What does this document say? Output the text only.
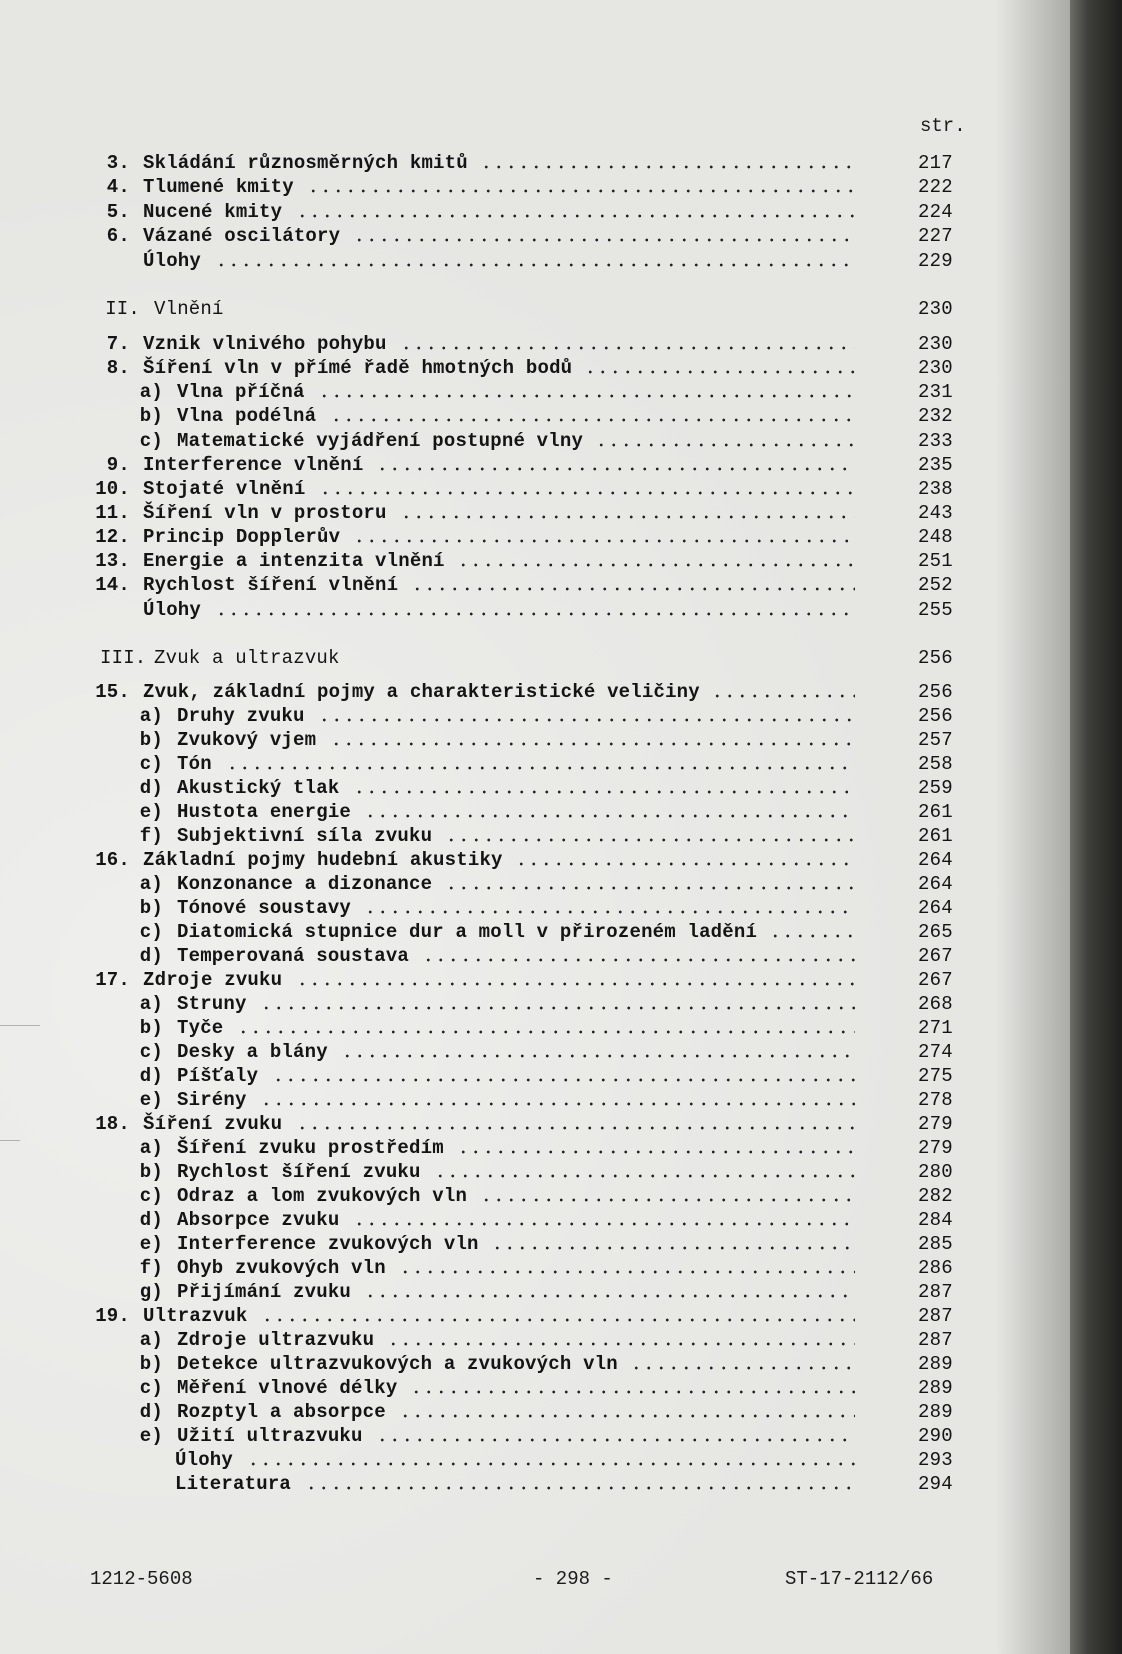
str.
3. Skládání různosměrných kmitů	217
4. Tlumené kmity	222
5. Nucené kmity	224
6. Vázané oscilátory	227
Úlohy	229
II. Vlnění	230
7. Vznik vlnivého pohybu	230
8. Šíření vln v přímé řadě hmotných bodů	230
a) Vlna příčná	231
b) Vlna podélná	232
c) Matematické vyjádření postupné vlny	233
9. Interference vlnění	235
10. Stojaté vlnění	238
11. Šíření vln v prostoru	243
12. Princip Dopplerův	248
13. Energie a intenzita vlnění	251
14. Rychlost šíření vlnění	252
Úlohy	255
III. Zvuk a ultrazvuk	256
15. Zvuk, základní pojmy a charakteristické veličiny	256
a) Druhy zvuku	256
b) Zvukový vjem	257
c) Tón	258
d) Akustický tlak	259
e) Hustota energie	261
f) Subjektivní síla zvuku	261
16. Základní pojmy hudební akustiky	264
a) Konzonance a dizonance	264
b) Tónové soustavy	264
c) Diatomická stupnice dur a moll v přirozeném ladění	265
d) Temperovaná soustava	267
17. Zdroje zvuku	267
a) Struny	268
b) Tyče	271
c) Desky a blány	274
d) Píšťaly	275
e) Sirény	278
18. Šíření zvuku	279
a) Šíření zvuku prostředím	279
b) Rychlost šíření zvuku	280
c) Odraz a lom zvukových vln	282
d) Absorpce zvuku	284
e) Interference zvukových vln	285
f) Ohyb zvukových vln	286
g) Přijímání zvuku	287
19. Ultrazvuk	287
a) Zdroje ultrazvuku	287
b) Detekce ultrazvukových a zvukových vln	289
c) Měření vlnové délky	289
d) Rozptyl a absorpce	289
e) Užití ultrazvuku	290
Úlohy	293
Literatura	294
1212-5608	- 298 -	ST-17-2112/66
